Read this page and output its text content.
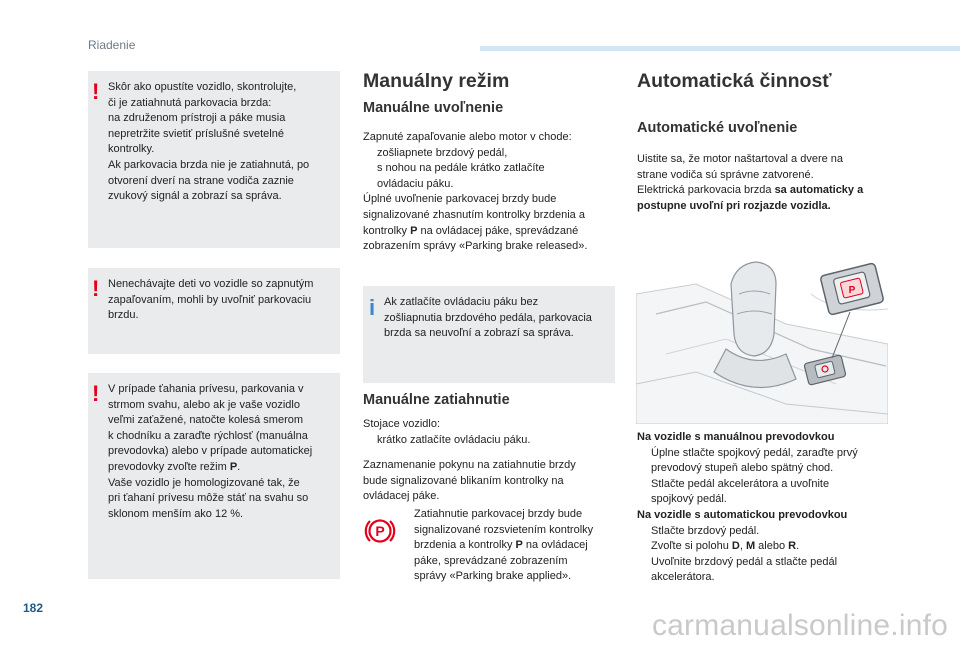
Riadenie
! Skôr ako opustíte vozidlo, skontrolujte,
či je zatiahnutá parkovacia brzda:
na združenom prístroji a páke musia
nepretržite svietiť príslušné svetelné
kontrolky.
Ak parkovacia brzda nie je zatiahnutá, po
otvorení dverí na strane vodiča zaznie
zvukový signál a zobrazí sa správa.
! Nenechávajte deti vo vozidle so zapnutým
zapaľovaním, mohli by uvoľniť parkovaciu
brzdu.
! V prípade ťahania prívesu, parkovania v
strmom svahu, alebo ak je vaše vozidlo
veľmi zaťažené, natočte kolesá smerom
k chodníku a zaraďte rýchlosť (manuálna
prevodovka) alebo v prípade automatickej
prevodovky zvoľte režim P.
Vaše vozidlo je homologizované tak, že
pri ťahaní prívesu môže stáť na svahu so
sklonom menším ako 12 %.
Manuálny režim
Manuálne uvoľnenie
Zapnuté zapaľovanie alebo motor v chode:
zošliapnete brzdový pedál,
s nohou na pedále krátko zatlačíte
ovládaciu páku.
Úplné uvoľnenie parkovacej brzdy bude
signalizované zhasnutím kontrolky brzdenia a
kontrolky P na ovládacej páke, sprevádzané
zobrazením správy «Parking brake released».
i Ak zatlačíte ovládaciu páku bez
zošliapnutia brzdového pedála, parkovacia
brzda sa neuvoľní a zobrazí sa správa.
Manuálne zatiahnutie
Stojace vozidlo:
krátko zatlačíte ovládaciu páku.
Zaznamenanie pokynu na zatiahnutie brzdy
bude signalizované blikaním kontrolky na
ovládacej páke.
P
Zatiahnutie parkovacej brzdy bude
signalizované rozsvietením kontrolky
brzdenia a kontrolky P na ovládacej
páke, sprevádzané zobrazením
správy «Parking brake applied».
Automatická činnosť
Automatické uvoľnenie
Uistite sa, že motor naštartoval a dvere na
strane vodiča sú správne zatvorené.
Elektrická parkovacia brzda sa automaticky a
postupne uvoľní pri rozjazde vozidla.
P
Na vozidle s manuálnou prevodovkou
Úplne stlačte spojkový pedál, zaraďte prvý
prevodový stupeň alebo spätný chod.
Stlačte pedál akcelerátora a uvoľnite
spojkový pedál.
Na vozidle s automatickou prevodovkou
Stlačte brzdový pedál.
Zvoľte si polohu D, M alebo R.
Uvoľnite brzdový pedál a stlačte pedál
akcelerátora.
182
carmanualsonline.info
